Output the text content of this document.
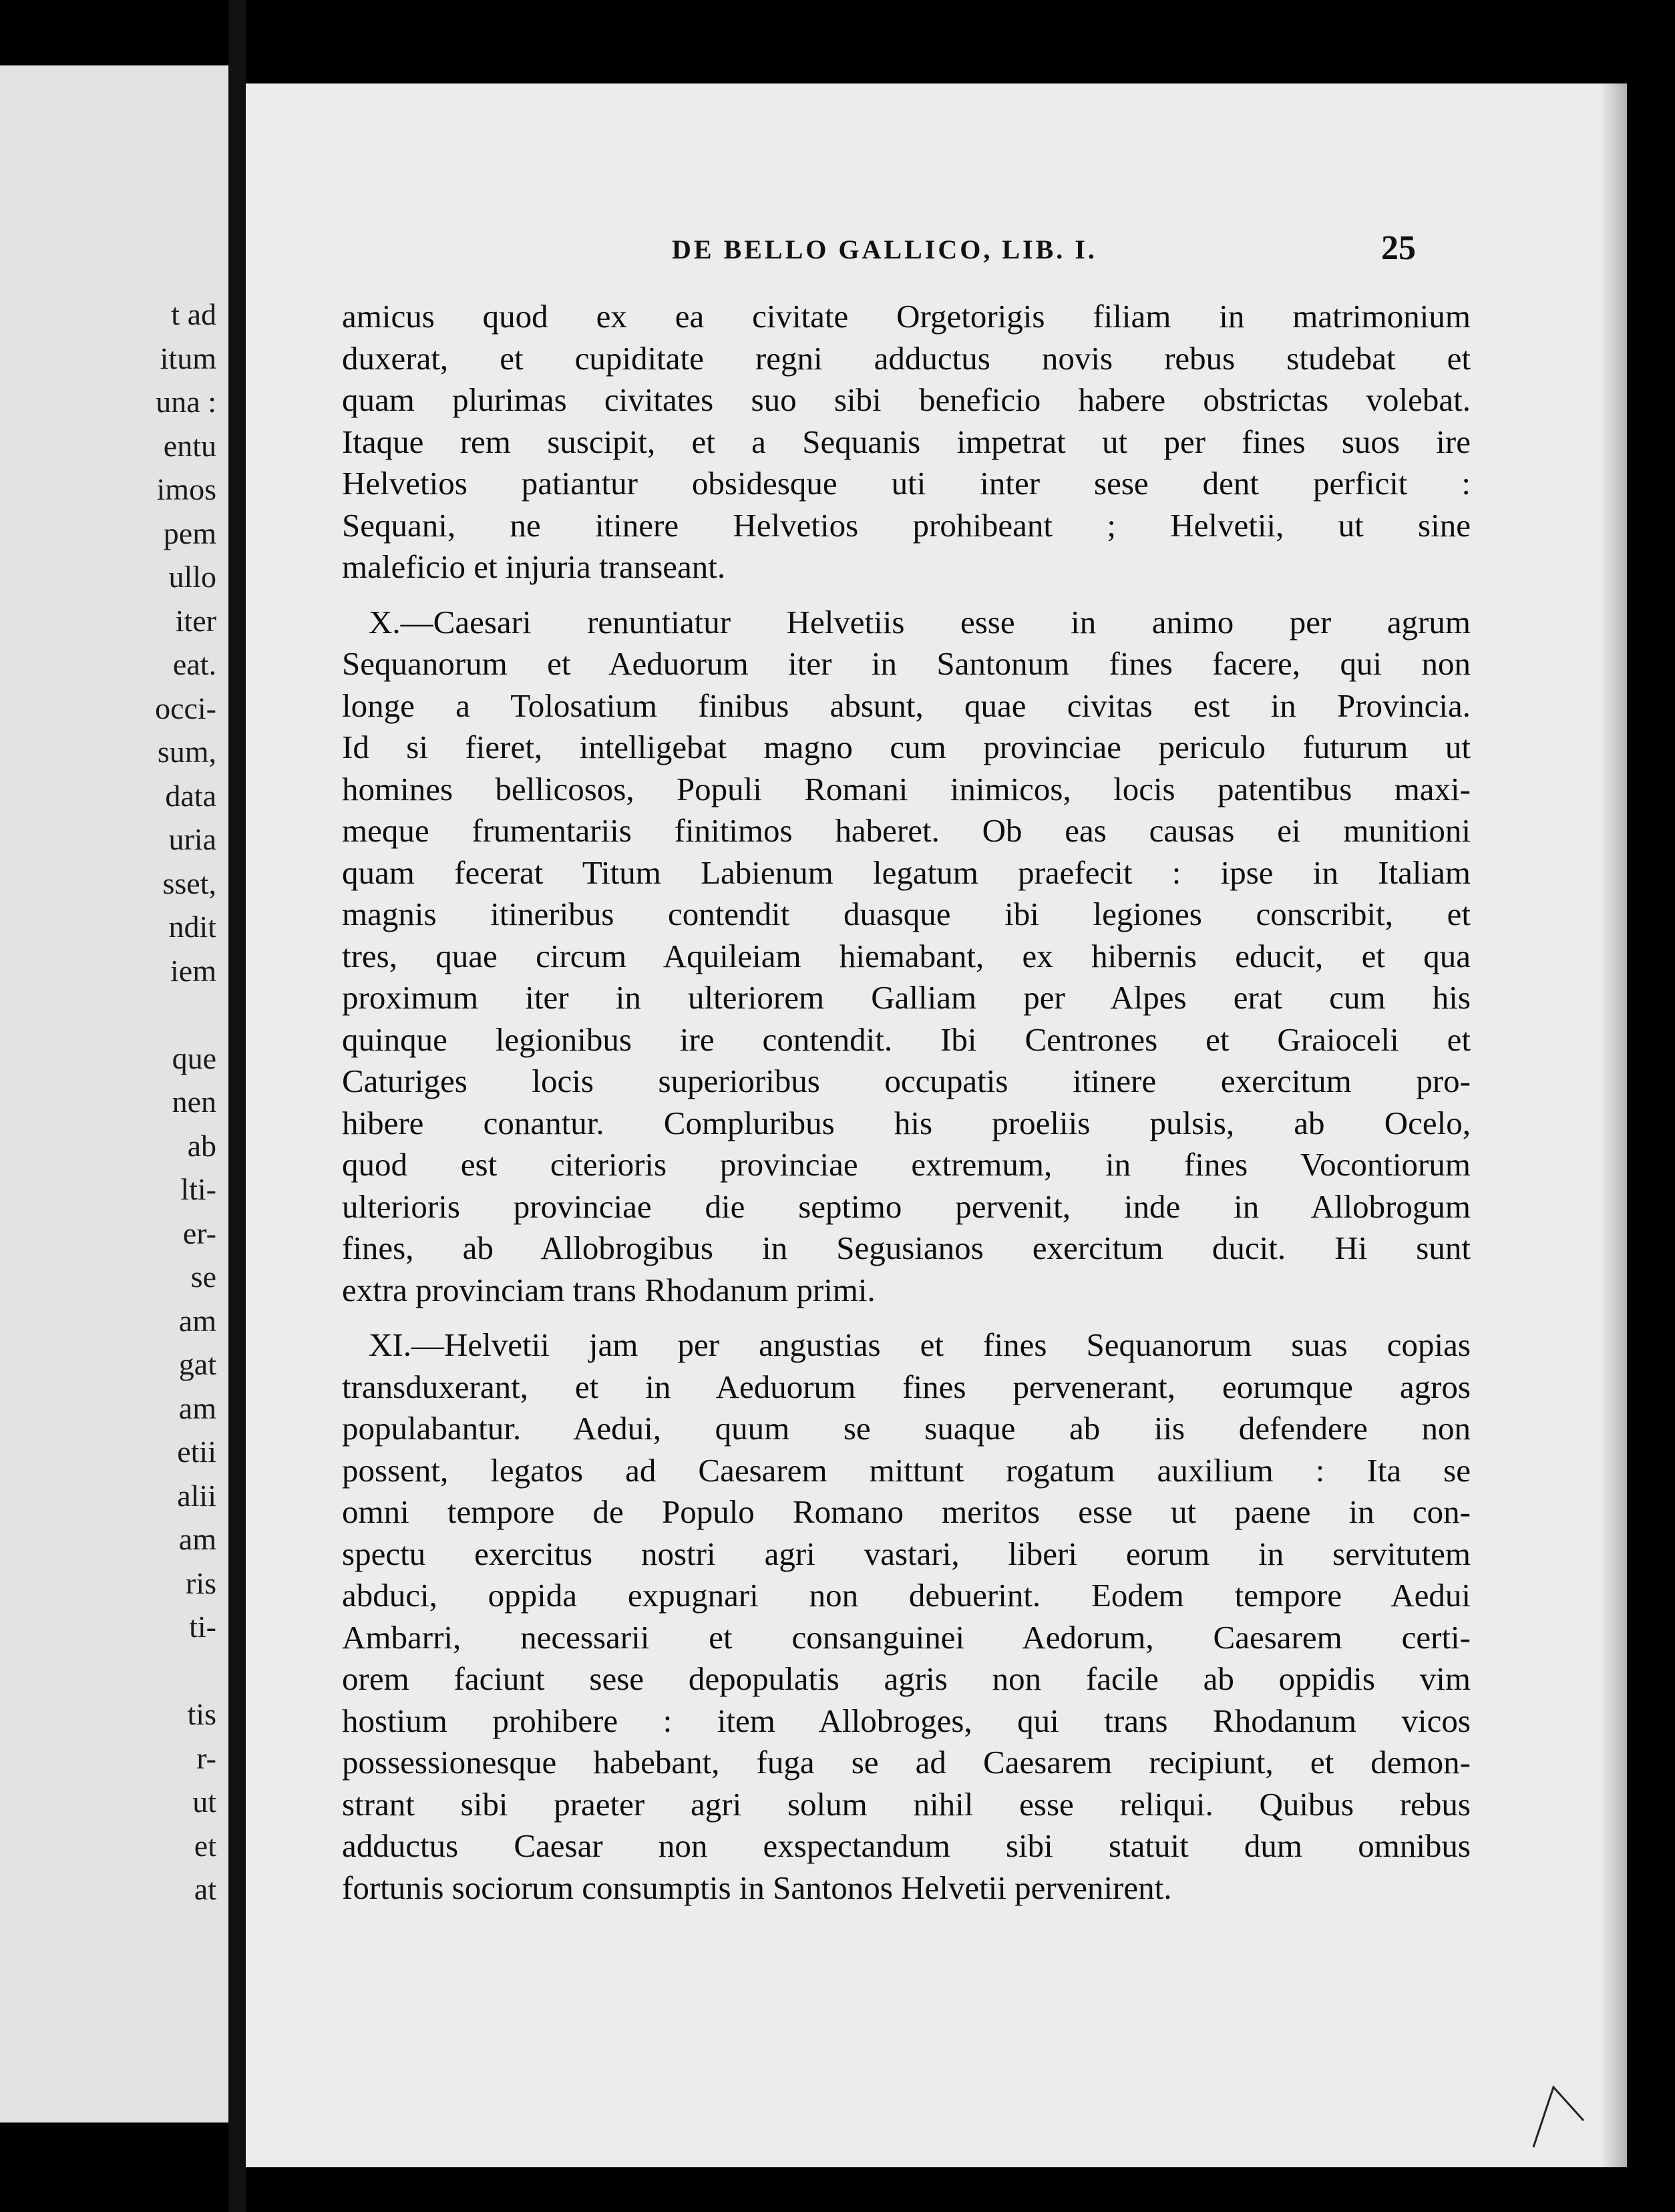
t ad
itum
una :
entu
imos
pem
ullo
iter
eat.
occi-
sum,
data
uria
sset,
ndit
iem
que
nen
ab
lti-
er-
se
am
gat
am
etii
alii
am
ris
ti-
tis
r-
ut
et
at
DE BELLO GALLICO, LIB. I.	25
amicus quod ex ea civitate Orgetorigis filiam in matrimonium
duxerat, et cupiditate regni adductus novis rebus studebat et
quam plurimas civitates suo sibi beneficio habere obstrictas volebat.
Itaque rem suscipit, et a Sequanis impetrat ut per fines suos ire
Helvetios patiantur obsidesque uti inter sese dent perficit :
Sequani, ne itinere Helvetios prohibeant ; Helvetii, ut sine
maleficio et injuria transeant.
X.—Caesari renuntiatur Helvetiis esse in animo per agrum
Sequanorum et Aeduorum iter in Santonum fines facere, qui non
longe a Tolosatium finibus absunt, quae civitas est in Provincia.
Id si fieret, intelligebat magno cum provinciae periculo futurum ut
homines bellicosos, Populi Romani inimicos, locis patentibus maxi-
meque frumentariis finitimos haberet. Ob eas causas ei munitioni
quam fecerat Titum Labienum legatum praefecit : ipse in Italiam
magnis itineribus contendit duasque ibi legiones conscribit, et
tres, quae circum Aquileiam hiemabant, ex hibernis educit, et qua
proximum iter in ulteriorem Galliam per Alpes erat cum his
quinque legionibus ire contendit. Ibi Centrones et Graioceli et
Caturiges locis superioribus occupatis itinere exercitum pro-
hibere conantur. Compluribus his proeliis pulsis, ab Ocelo,
quod est citerioris provinciae extremum, in fines Vocontiorum
ulterioris provinciae die septimo pervenit, inde in Allobrogum
fines, ab Allobrogibus in Segusianos exercitum ducit. Hi sunt
extra provinciam trans Rhodanum primi.
XI.—Helvetii jam per angustias et fines Sequanorum suas copias
transduxerant, et in Aeduorum fines pervenerant, eorumque agros
populabantur. Aedui, quum se suaque ab iis defendere non
possent, legatos ad Caesarem mittunt rogatum auxilium : Ita se
omni tempore de Populo Romano meritos esse ut paene in con-
spectu exercitus nostri agri vastari, liberi eorum in servitutem
abduci, oppida expugnari non debuerint. Eodem tempore Aedui
Ambarri, necessarii et consanguinei Aedorum, Caesarem certi-
orem faciunt sese depopulatis agris non facile ab oppidis vim
hostium prohibere : item Allobroges, qui trans Rhodanum vicos
possessionesque habebant, fuga se ad Caesarem recipiunt, et demon-
strant sibi praeter agri solum nihil esse reliqui. Quibus rebus
adductus Caesar non exspectandum sibi statuit dum omnibus
fortunis sociorum consumptis in Santonos Helvetii pervenirent.
